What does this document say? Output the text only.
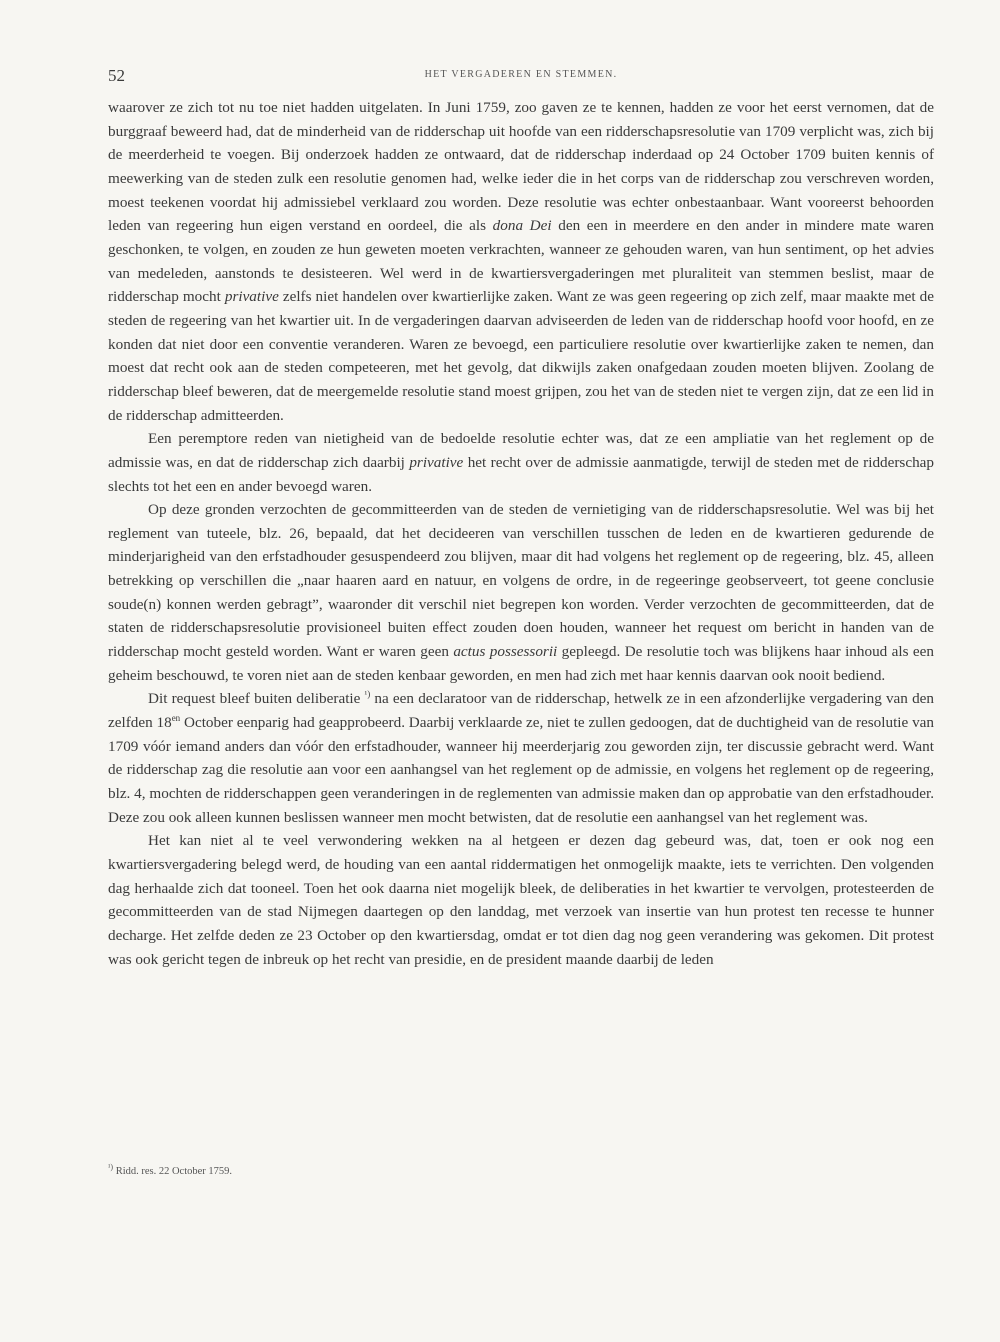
52	HET VERGADEREN EN STEMMEN.

waarover ze zich tot nu toe niet hadden uitgelaten. In Juni 1759, zoo gaven ze te kennen, hadden ze voor het eerst vernomen, dat de burggraaf beweerd had, dat de minderheid van de ridderschap uit hoofde van een ridderschapsresolutie van 1709 verplicht was, zich bij de meerderheid te voegen. Bij onderzoek hadden ze ontwaard, dat de ridderschap inderdaad op 24 October 1709 buiten kennis of meewerking van de steden zulk een resolutie genomen had, welke ieder die in het corps van de ridderschap zou verschreven worden, moest teekenen voordat hij admissiebel verklaard zou worden. Deze resolutie was echter onbestaanbaar. Want vooreerst behoorden leden van regeering hun eigen verstand en oordeel, die als dona Dei den een in meerdere en den ander in mindere mate waren geschonken, te volgen, en zouden ze hun geweten moeten verkrachten, wanneer ze gehouden waren, van hun sentiment, op het advies van medeleden, aanstonds te desisteeren. Wel werd in de kwartiersvergaderingen met pluraliteit van stemmen beslist, maar de ridderschap mocht privative zelfs niet handelen over kwartierlijke zaken. Want ze was geen regeering op zich zelf, maar maakte met de steden de regeering van het kwartier uit. In de vergaderingen daarvan adviseerden de leden van de ridderschap hoofd voor hoofd, en ze konden dat niet door een conventie veranderen. Waren ze bevoegd, een particuliere resolutie over kwartierlijke zaken te nemen, dan moest dat recht ook aan de steden competeeren, met het gevolg, dat dikwijls zaken onafgedaan zouden moeten blijven. Zoolang de ridderschap bleef beweren, dat de meergemelde resolutie stand moest grijpen, zou het van de steden niet te vergen zijn, dat ze een lid in de ridderschap admitteerden.

Een peremptore reden van nietigheid van de bedoelde resolutie echter was, dat ze een ampliatie van het reglement op de admissie was, en dat de ridderschap zich daarbij privative het recht over de admissie aanmatigde, terwijl de steden met de ridderschap slechts tot het een en ander bevoegd waren.

Op deze gronden verzochten de gecommitteerden van de steden de vernietiging van de ridderschapsresolutie. Wel was bij het reglement van tuteele, blz. 26, bepaald, dat het decideeren van verschillen tusschen de leden en de kwartieren gedurende de minderjarigheid van den erfstadhouder gesuspendeerd zou blijven, maar dit had volgens het reglement op de regeering, blz. 45, alleen betrekking op verschillen die „naar haaren aard en natuur, en volgens de ordre, in de regeeringe geobserveert, tot geene conclusie soude(n) konnen werden gebragt”, waaronder dit verschil niet begrepen kon worden. Verder verzochten de gecommitteerden, dat de staten de ridderschapsresolutie provisioneel buiten effect zouden doen houden, wanneer het request om bericht in handen van de ridderschap mocht gesteld worden. Want er waren geen actus possessorii gepleegd. De resolutie toch was blijkens haar inhoud als een geheim beschouwd, te voren niet aan de steden kenbaar geworden, en men had zich met haar kennis daarvan ook nooit bediend.

Dit request bleef buiten deliberatie $^{^1)}$ na een declaratoor van de ridderschap, hetwelk ze in een afzonderlijke vergadering van den zelfden $18^{en}$ October eenparig had geapprobeerd. Daarbij verklaarde ze, niet te zullen gedoogen, dat de duchtigheid van de resolutie van 1709 vóór iemand anders dan vóór den erfstadhouder, wanneer hij meerderjarig zou geworden zijn, ter discussie gebracht werd. Want de ridderschap zag die resolutie aan voor een aanhangsel van het reglement op de admissie, en volgens het reglement op de regeering, blz. 4, mochten de ridderschappen geen veranderingen in de reglementen van admissie maken dan op approbatie van den erfstadhouder. Deze zou ook alleen kunnen beslissen wanneer men mocht betwisten, dat de resolutie een aanhangsel van het reglement was.

Het kan niet al te veel verwondering wekken na al hetgeen er dezen dag gebeurd was, dat, toen er ook nog een kwartiersvergadering belegd werd, de houding van een aantal riddermatigen het onmogelijk maakte, iets te verrichten. Den volgenden dag herhaalde zich dat tooneel. Toen het ook daarna niet mogelijk bleek, de deliberaties in het kwartier te vervolgen, protesteerden de gecommitteerden van de stad Nijmegen daartegen op den landdag, met verzoek van insertie van hun protest ten recesse te hunner decharge. Het zelfde deden ze 23 October op den kwartiersdag, omdat er tot dien dag nog geen verandering was gekomen. Dit protest was ook gericht tegen de inbreuk op het recht van presidie, en de president maande daarbij de leden

$^{^1)}$ Ridd. res. 22 October 1759.
